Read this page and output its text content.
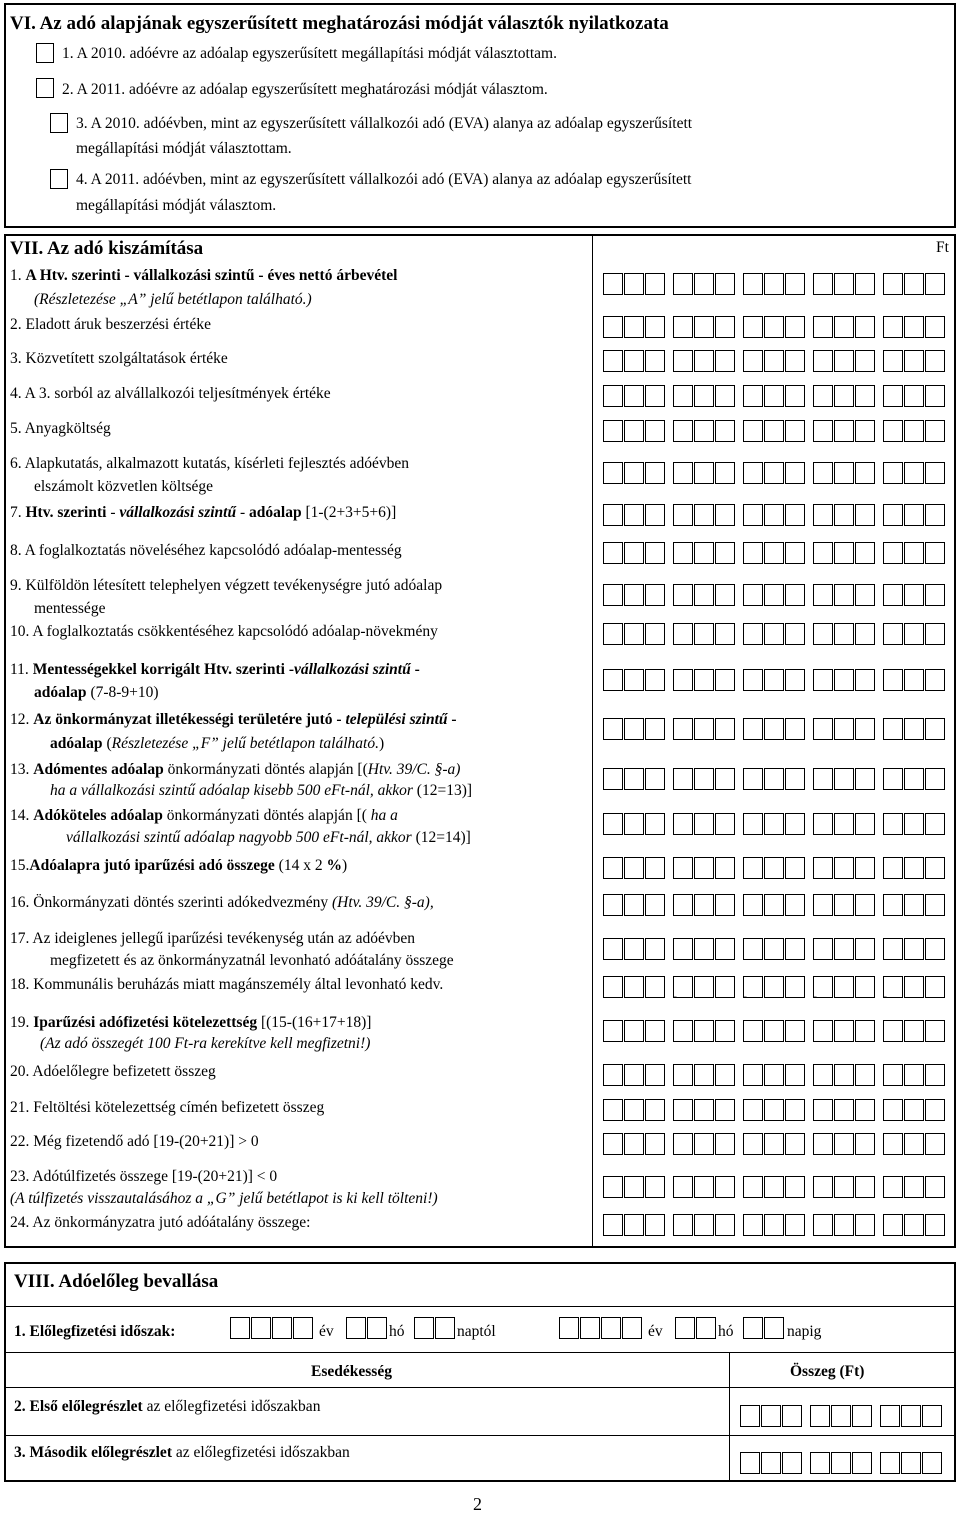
VI. Az adó alapjának egyszerűsített meghatározási módját választók nyilatkozata
1. A 2010. adóévre az adóalap egyszerűsített megállapítási módját választottam.
2. A 2011. adóévre az adóalap egyszerűsített meghatározási módját választom.
3. A 2010. adóévben, mint az egyszerűsített vállalkozói adó (EVA) alanya az adóalap egyszerűsített
megállapítási módját választottam.
4. A 2011. adóévben, mint az egyszerűsített vállalkozói adó (EVA) alanya az adóalap egyszerűsített
megállapítási módját választom.
VII. Az adó kiszámítása	Ft
1. A Htv. szerinti - vállalkozási szintű - éves nettó árbevétel
(Részletezése „A” jelű betétlapon található.)
2. Eladott áruk beszerzési értéke
3. Közvetített szolgáltatások értéke
4. A 3. sorból az alvállalkozói teljesítmények értéke
5. Anyagköltség
6. Alapkutatás, alkalmazott kutatás, kísérleti fejlesztés adóévben
elszámolt közvetlen költsége
7. Htv. szerinti - vállalkozási szintű - adóalap [1-(2+3+5+6)]
8. A foglalkoztatás növeléséhez kapcsolódó adóalap-mentesség
9. Külföldön létesített telephelyen végzett tevékenységre jutó adóalap
mentessége
10. A foglalkoztatás csökkentéséhez kapcsolódó adóalap-növekmény
11. Mentességekkel korrigált Htv. szerinti -vállalkozási szintű -
adóalap (7-8-9+10)
12. Az önkormányzat illetékességi területére jutó - települési szintű -
adóalap (Részletezése „F” jelű betétlapon található.)
13. Adómentes adóalap önkormányzati döntés alapján [(Htv. 39/C. §-a)
ha a vállalkozási szintű adóalap kisebb 500 eFt-nál, akkor (12=13)]
14. Adóköteles adóalap önkormányzati döntés alapján [( ha a
vállalkozási szintű adóalap nagyobb 500 eFt-nál, akkor (12=14)]
15.Adóalapra jutó iparűzési adó összege (14 x 2 %)
16. Önkormányzati döntés szerinti adókedvezmény (Htv. 39/C. §-a),
17. Az ideiglenes jellegű iparűzési tevékenység után az adóévben
megfizetett és az önkormányzatnál levonható adóátalány összege
18. Kommunális beruházás miatt magánszemély által levonható kedv.
19. Iparűzési adófizetési kötelezettség [(15-(16+17+18)]
(Az adó összegét 100 Ft-ra kerekítve kell megfizetni!)
20. Adóelőlegre befizetett összeg
21. Feltöltési kötelezettség címén befizetett összeg
22. Még fizetendő adó [19-(20+21)] > 0
23. Adótúlfizetés összege [19-(20+21)] < 0
(A túlfizetés visszautalásához a „G” jelű betétlapot is ki kell tölteni!)
24. Az önkormányzatra jutó adóátalány összege:
-	-	-	-
VIII. Adóelőleg bevallása
1. Előlegfizetési időszak:	év	hó	naptól	év	hó	napig
Esedékesség	Összeg (Ft)
2. Első előlegrészlet az előlegfizetési időszakban
3. Második előlegrészlet az előlegfizetési időszakban
2
